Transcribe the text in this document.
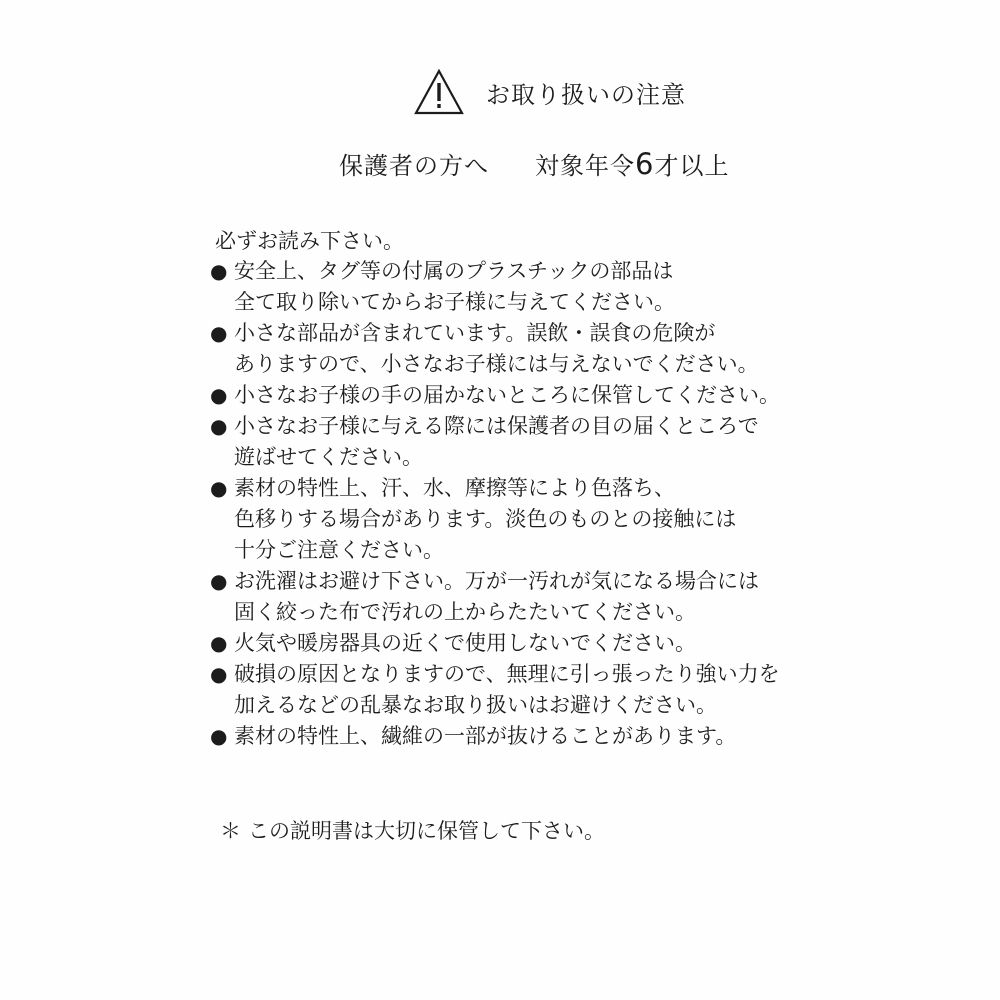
お取り扱いの注意
保護者の方へ 対象年令6才以上
必ずお読み下さい。
● 安全上、タグ等の付属のプラスチックの部品は
全て取り除いてからお子様に与えてください。
● 小さな部品が含まれています。誤飲・誤食の危険が
ありますので、小さなお子様には与えないでください。
● 小さなお子様の手の届かないところに保管してください。
● 小さなお子様に与える際には保護者の目の届くところで
遊ばせてください。
● 素材の特性上、汗、水、摩擦等により色落ち、
色移りする場合があります。淡色のものとの接触には
十分ご注意ください。
● お洗濯はお避け下さい。万が一汚れが気になる場合には
固く絞った布で汚れの上からたたいてください。
● 火気や暖房器具の近くで使用しないでください。
● 破損の原因となりますので、無理に引っ張ったり強い力を
加えるなどの乱暴なお取り扱いはお避けください。
● 素材の特性上、繊維の一部が抜けることがあります。
＊ この説明書は大切に保管して下さい。
